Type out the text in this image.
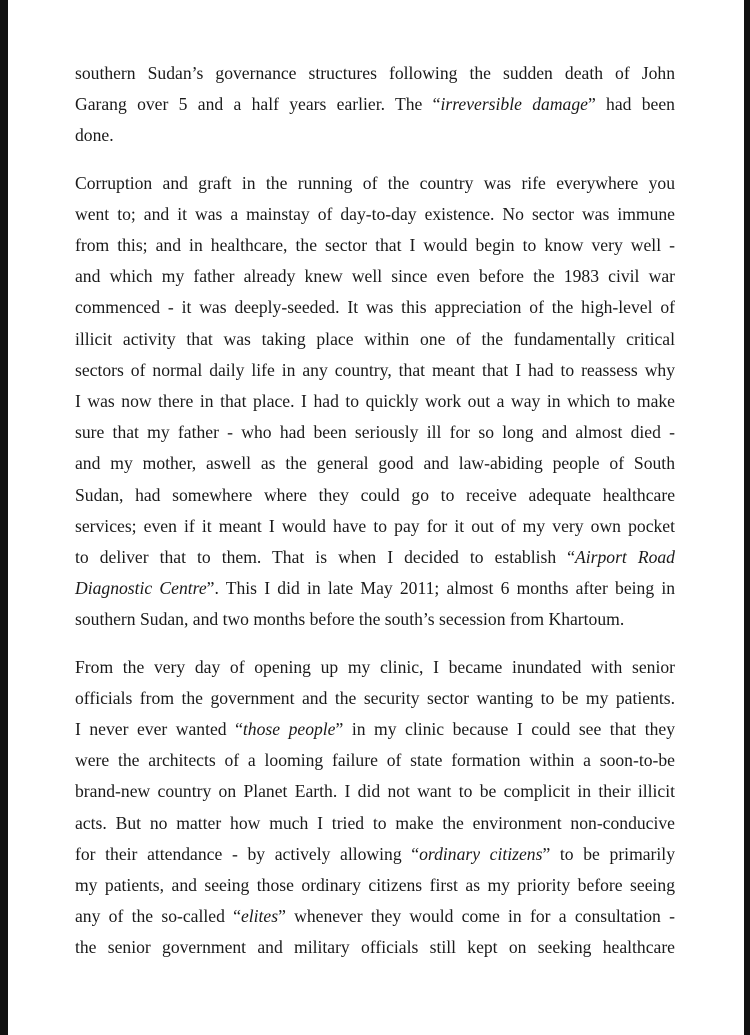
southern Sudan’s governance structures following the sudden death of John
Garang over 5 and a half years earlier. The “irreversible damage” had been
done.

Corruption and graft in the running of the country was rife everywhere you
went to; and it was a mainstay of day-to-day existence. No sector was immune
from this; and in healthcare, the sector that I would begin to know very well -
and which my father already knew well since even before the 1983 civil war
commenced - it was deeply-seeded. It was this appreciation of the high-level of
illicit activity that was taking place within one of the fundamentally critical
sectors of normal daily life in any country, that meant that I had to reassess why
I was now there in that place. I had to quickly work out a way in which to make
sure that my father - who had been seriously ill for so long and almost died -
and my mother, aswell as the general good and law-abiding people of South
Sudan, had somewhere where they could go to receive adequate healthcare
services; even if it meant I would have to pay for it out of my very own pocket
to deliver that to them. That is when I decided to establish “Airport Road
Diagnostic Centre”. This I did in late May 2011; almost 6 months after being in
southern Sudan, and two months before the south’s secession from Khartoum.

From the very day of opening up my clinic, I became inundated with senior
officials from the government and the security sector wanting to be my patients.
I never ever wanted “those people” in my clinic because I could see that they
were the architects of a looming failure of state formation within a soon-to-be
brand-new country on Planet Earth. I did not want to be complicit in their illicit
acts. But no matter how much I tried to make the environment non-conducive
for their attendance - by actively allowing “ordinary citizens” to be primarily
my patients, and seeing those ordinary citizens first as my priority before seeing
any of the so-called “elites” whenever they would come in for a consultation -
the senior government and military officials still kept on seeking healthcare
